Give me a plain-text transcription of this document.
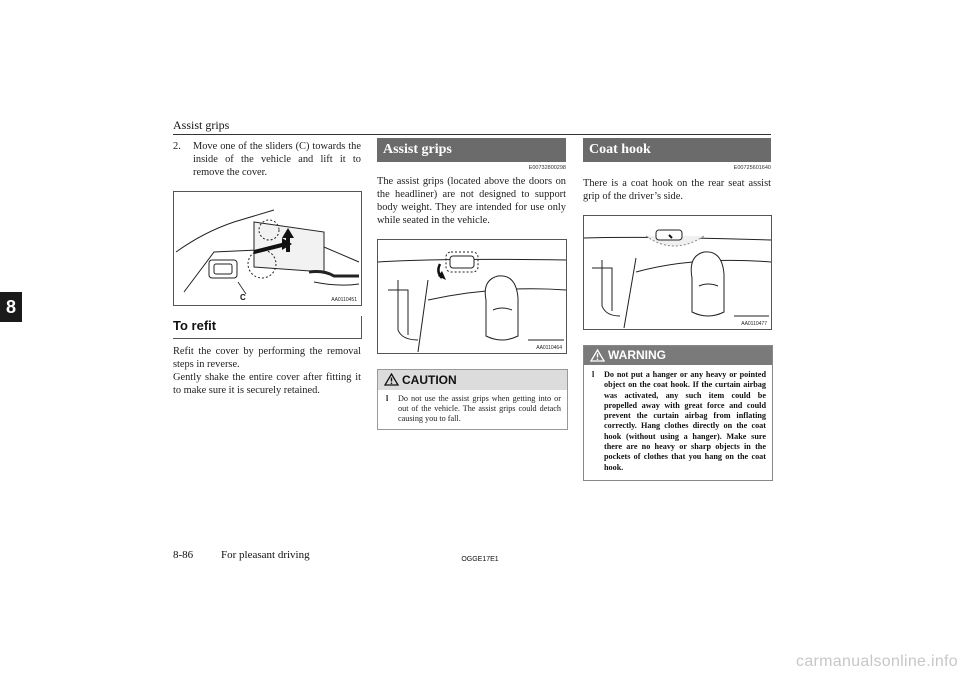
Assist grips
8
2. Move one of the sliders (C) towards the inside of the vehicle and lift it to remove the cover.
C	AA0110451
To refit
Refit the cover by performing the removal steps in reverse.
Gently shake the entire cover after fitting it to make sure it is securely retained.
Assist grips
E00732800298
The assist grips (located above the doors on the headliner) are not designed to support body weight. They are intended for use only while seated in the vehicle.
AA0110464
CAUTION
l Do not use the assist grips when getting into or out of the vehicle. The assist grips could detach causing you to fall.
Coat hook
E00725601640
There is a coat hook on the rear seat assist grip of the driver’s side.
AA0110477
WARNING
l Do not put a hanger or any heavy or pointed object on the coat hook. If the curtain airbag was activated, any such item could be propelled away with great force and could prevent the curtain airbag from inflating correctly. Hang clothes directly on the coat hook (without using a hanger). Make sure there are no heavy or sharp objects in the pockets of clothes that you hang on the coat hook.
8-86	For pleasant driving	OGGE17E1
carmanualsonline.info
